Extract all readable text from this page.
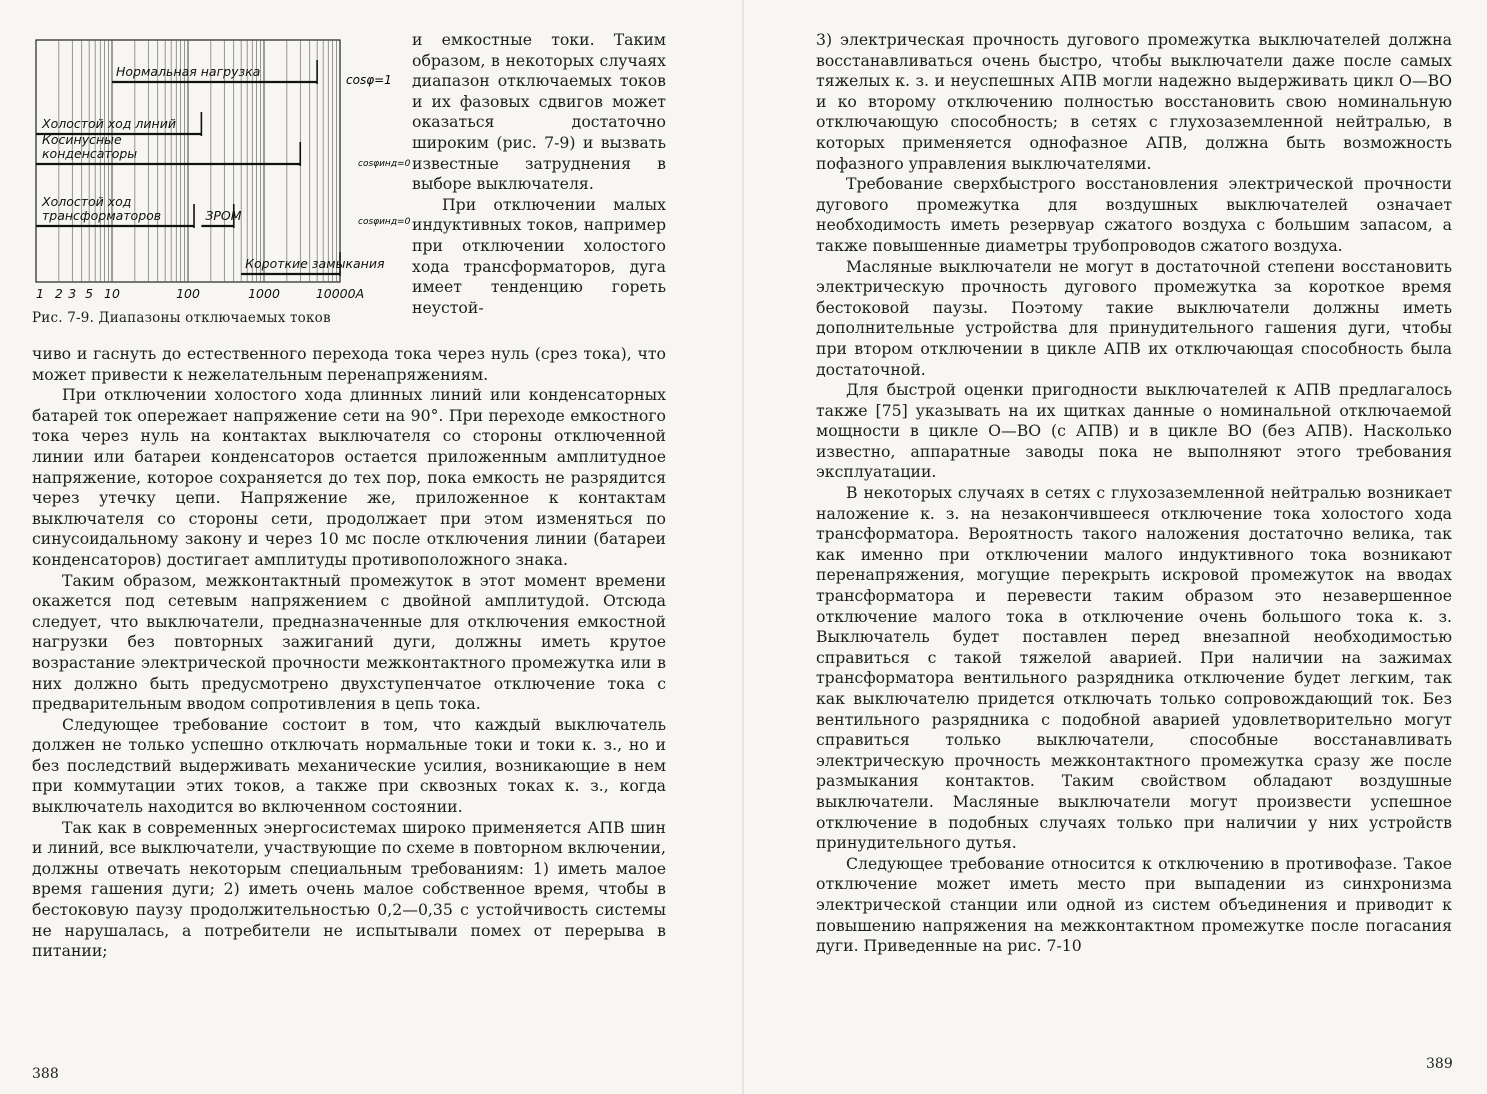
Нормальная нагрузка
Холостой ход линий
Косинусные конденсаторы
Холостой ход трансформаторов	ЗРОМ
Короткие замыкания
1 2 3 5 10	100	1000	10000А
cosφ=1
cosφинд=0
cosφинд=0
Рис. 7-9. Диапазоны отключаемых токов

и емкостные токи. Таким образом, в некоторых случаях диапазон отключаемых токов и их фазовых сдвигов может оказаться достаточно широким (рис. 7-9) и вызвать известные затруднения в выборе выключателя.

При отключении малых индуктивных токов, например при отключении холостого хода трансформаторов, дуга имеет тенденцию гореть неустой-

чиво и гаснуть до естественного перехода тока через нуль (срез тока), что может привести к нежелательным перенапряжениям.

При отключении холостого хода длинных линий или конденсаторных батарей ток опережает напряжение сети на 90°. При переходе емкостного тока через нуль на контактах выключателя со стороны отключенной линии или батареи конденсаторов остается приложенным амплитудное напряжение, которое сохраняется до тех пор, пока емкость не разрядится через утечку цепи. Напряжение же, приложенное к контактам выключателя со стороны сети, продолжает при этом изменяться по синусоидальному закону и через 10 мс после отключения линии (батареи конденсаторов) достигает амплитуды противоположного знака.

Таким образом, межконтактный промежуток в этот момент времени окажется под сетевым напряжением с двойной амплитудой. Отсюда следует, что выключатели, предназначенные для отключения емкостной нагрузки без повторных зажиганий дуги, должны иметь крутое возрастание электрической прочности межконтактного промежутка или в них должно быть предусмотрено двухступенчатое отключение тока с предварительным вводом сопротивления в цепь тока.

Следующее требование состоит в том, что каждый выключатель должен не только успешно отключать нормальные токи и токи к. з., но и без последствий выдерживать механические усилия, возникающие в нем при коммутации этих токов, а также при сквозных токах к. з., когда выключатель находится во включенном состоянии.

Так как в современных энергосистемах широко применяется АПВ шин и линий, все выключатели, участвующие по схеме в повторном включении, должны отвечать некоторым специальным требованиям: 1) иметь малое время гашения дуги; 2) иметь очень малое собственное время, чтобы в бестоковую паузу продолжительностью 0,2—0,35 с устойчивость системы не нарушалась, а потребители не испытывали помех от перерыва в питании;

388

3) электрическая прочность дугового промежутка выключателей должна восстанавливаться очень быстро, чтобы выключатели даже после самых тяжелых к. з. и неуспешных АПВ могли надежно выдерживать цикл О—ВО и ко второму отключению полностью восстановить свою номинальную отключающую способность; в сетях с глухозаземленной нейтралью, в которых применяется однофазное АПВ, должна быть возможность пофазного управления выключателями.

Требование сверхбыстрого восстановления электрической прочности дугового промежутка для воздушных выключателей означает необходимость иметь резервуар сжатого воздуха с большим запасом, а также повышенные диаметры трубопроводов сжатого воздуха.

Масляные выключатели не могут в достаточной степени восстановить электрическую прочность дугового промежутка за короткое время бестоковой паузы. Поэтому такие выключатели должны иметь дополнительные устройства для принудительного гашения дуги, чтобы при втором отключении в цикле АПВ их отключающая способность была достаточной.

Для быстрой оценки пригодности выключателей к АПВ предлагалось также [75] указывать на их щитках данные о номинальной отключаемой мощности в цикле О—ВО (с АПВ) и в цикле ВО (без АПВ). Насколько известно, аппаратные заводы пока не выполняют этого требования эксплуатации.

В некоторых случаях в сетях с глухозаземленной нейтралью возникает наложение к. з. на незакончившееся отключение тока холостого хода трансформатора. Вероятность такого наложения достаточно велика, так как именно при отключении малого индуктивного тока возникают перенапряжения, могущие перекрыть искровой промежуток на вводах трансформатора и перевести таким образом это незавершенное отключение малого тока в отключение очень большого тока к. з. Выключатель будет поставлен перед внезапной необходимостью справиться с такой тяжелой аварией. При наличии на зажимах трансформатора вентильного разрядника отключение будет легким, так как выключателю придется отключать только сопровождающий ток. Без вентильного разрядника с подобной аварией удовлетворительно могут справиться только выключатели, способные восстанавливать электрическую прочность межконтактного промежутка сразу же после размыкания контактов. Таким свойством обладают воздушные выключатели. Масляные выключатели могут произвести успешное отключение в подобных случаях только при наличии у них устройств принудительного дутья.

Следующее требование относится к отключению в противофазе. Такое отключение может иметь место при выпадении из синхронизма электрической станции или одной из систем объединения и приводит к повышению напряжения на межконтактном промежутке после погасания дуги. Приведенные на рис. 7-10

389
